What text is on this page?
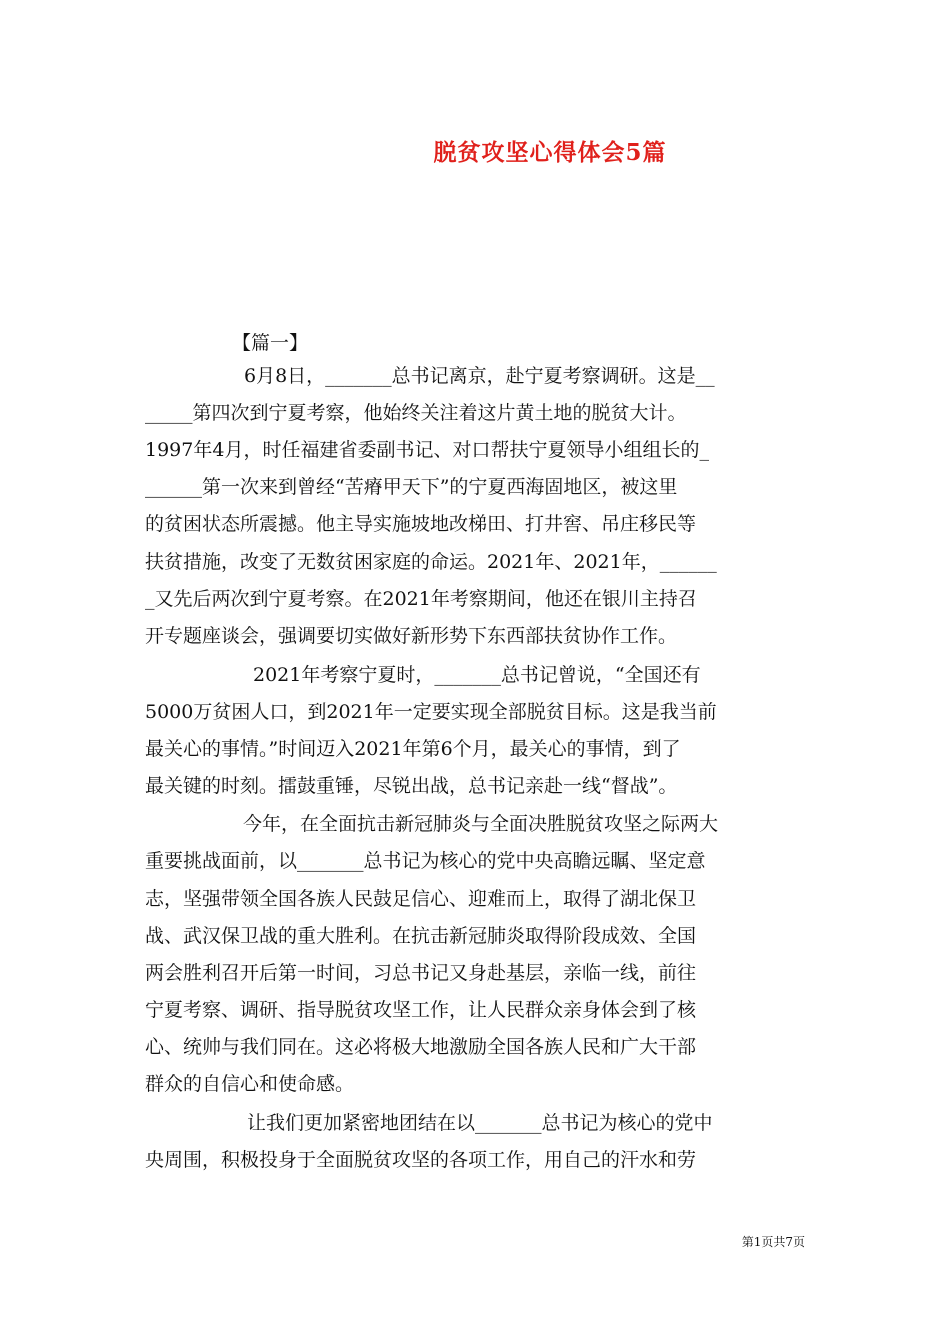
脱贫攻坚心得体会5篇
【篇一】
6月8日，_______总书记离京，赴宁夏考察调研。这是__
_____第四次到宁夏考察，他始终关注着这片黄土地的脱贫大计。
1997年4月，时任福建省委副书记、对口帮扶宁夏领导小组组长的_
______第一次来到曾经“苦瘠甲天下”的宁夏西海固地区，被这里
的贫困状态所震撼。他主导实施坡地改梯田、打井窖、吊庄移民等
扶贫措施，改变了无数贫困家庭的命运。2021年、2021年，______
_又先后两次到宁夏考察。在2021年考察期间，他还在银川主持召
开专题座谈会，强调要切实做好新形势下东西部扶贫协作工作。
2021年考察宁夏时，_______总书记曾说，“全国还有
5000万贫困人口，到2021年一定要实现全部脱贫目标。这是我当前
最关心的事情。”时间迈入2021年第6个月，最关心的事情，到了
最关键的时刻。擂鼓重锤，尽锐出战，总书记亲赴一线“督战”。
今年，在全面抗击新冠肺炎与全面决胜脱贫攻坚之际两大
重要挑战面前，以_______总书记为核心的党中央高瞻远瞩、坚定意
志，坚强带领全国各族人民鼓足信心、迎难而上，取得了湖北保卫
战、武汉保卫战的重大胜利。在抗击新冠肺炎取得阶段成效、全国
两会胜利召开后第一时间，习总书记又身赴基层，亲临一线，前往
宁夏考察、调研、指导脱贫攻坚工作，让人民群众亲身体会到了核
心、统帅与我们同在。这必将极大地激励全国各族人民和广大干部
群众的自信心和使命感。
让我们更加紧密地团结在以_______总书记为核心的党中
央周围，积极投身于全面脱贫攻坚的各项工作，用自己的汗水和劳
第1页共7页
